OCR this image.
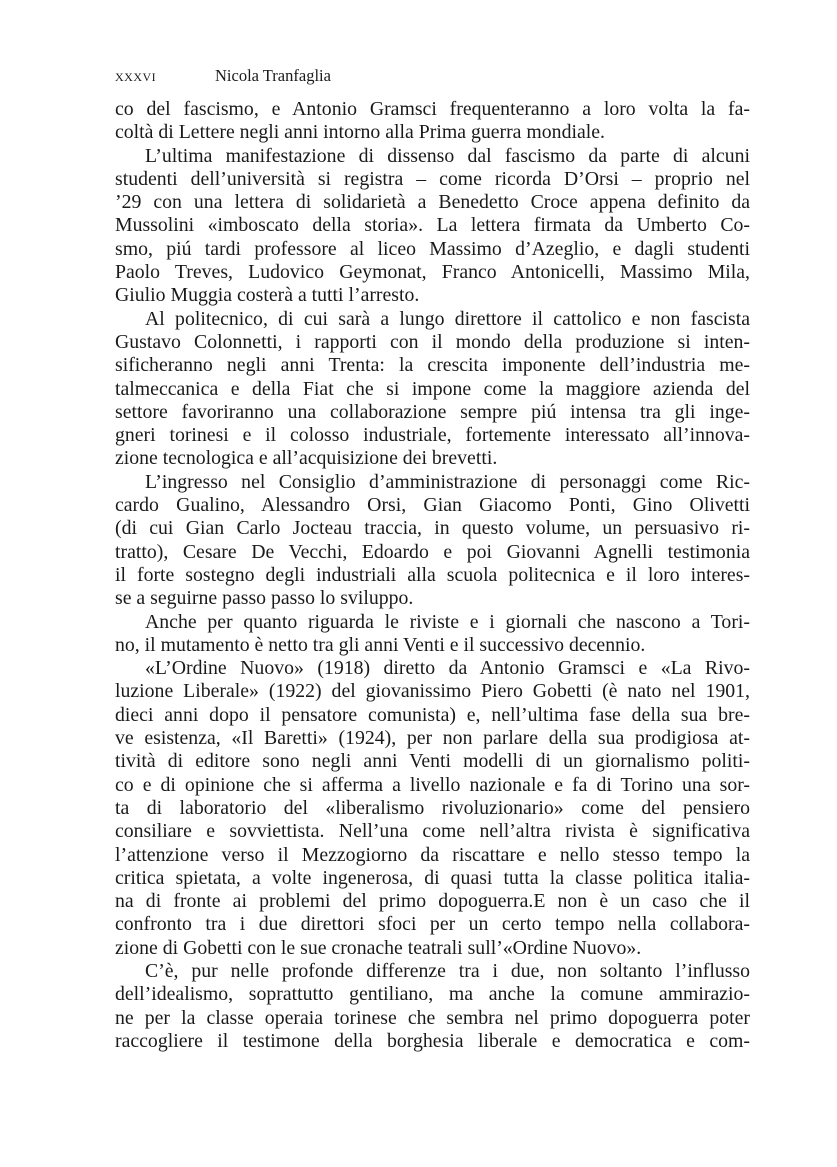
xxxvi	Nicola Tranfaglia
co del fascismo, e Antonio Gramsci frequenteranno a loro volta la fa-
coltà di Lettere negli anni intorno alla Prima guerra mondiale.
L’ultima manifestazione di dissenso dal fascismo da parte di alcuni
studenti dell’università si registra – come ricorda D’Orsi – proprio nel
’29 con una lettera di solidarietà a Benedetto Croce appena definito da
Mussolini «imboscato della storia». La lettera firmata da Umberto Co-
smo, piú tardi professore al liceo Massimo d’Azeglio, e dagli studenti
Paolo Treves, Ludovico Geymonat, Franco Antonicelli, Massimo Mila,
Giulio Muggia costerà a tutti l’arresto.
Al politecnico, di cui sarà a lungo direttore il cattolico e non fascista
Gustavo Colonnetti, i rapporti con il mondo della produzione si inten-
sificheranno negli anni Trenta: la crescita imponente dell’industria me-
talmeccanica e della Fiat che si impone come la maggiore azienda del
settore favoriranno una collaborazione sempre piú intensa tra gli inge-
gneri torinesi e il colosso industriale, fortemente interessato all’innova-
zione tecnologica e all’acquisizione dei brevetti.
L’ingresso nel Consiglio d’amministrazione di personaggi come Ric-
cardo Gualino, Alessandro Orsi, Gian Giacomo Ponti, Gino Olivetti
(di cui Gian Carlo Jocteau traccia, in questo volume, un persuasivo ri-
tratto), Cesare De Vecchi, Edoardo e poi Giovanni Agnelli testimonia
il forte sostegno degli industriali alla scuola politecnica e il loro interes-
se a seguirne passo passo lo sviluppo.
Anche per quanto riguarda le riviste e i giornali che nascono a Tori-
no, il mutamento è netto tra gli anni Venti e il successivo decennio.
«L’Ordine Nuovo» (1918) diretto da Antonio Gramsci e «La Rivo-
luzione Liberale» (1922) del giovanissimo Piero Gobetti (è nato nel 1901,
dieci anni dopo il pensatore comunista) e, nell’ultima fase della sua bre-
ve esistenza, «Il Baretti» (1924), per non parlare della sua prodigiosa at-
tività di editore sono negli anni Venti modelli di un giornalismo politi-
co e di opinione che si afferma a livello nazionale e fa di Torino una sor-
ta di laboratorio del «liberalismo rivoluzionario» come del pensiero
consiliare e sovviettista. Nell’una come nell’altra rivista è significativa
l’attenzione verso il Mezzogiorno da riscattare e nello stesso tempo la
critica spietata, a volte ingenerosa, di quasi tutta la classe politica italia-
na di fronte ai problemi del primo dopoguerra.E non è un caso che il
confronto tra i due direttori sfoci per un certo tempo nella collabora-
zione di Gobetti con le sue cronache teatrali sull’«Ordine Nuovo».
C’è, pur nelle profonde differenze tra i due, non soltanto l’influsso
dell’idealismo, soprattutto gentiliano, ma anche la comune ammirazio-
ne per la classe operaia torinese che sembra nel primo dopoguerra poter
raccogliere il testimone della borghesia liberale e democratica e com-
